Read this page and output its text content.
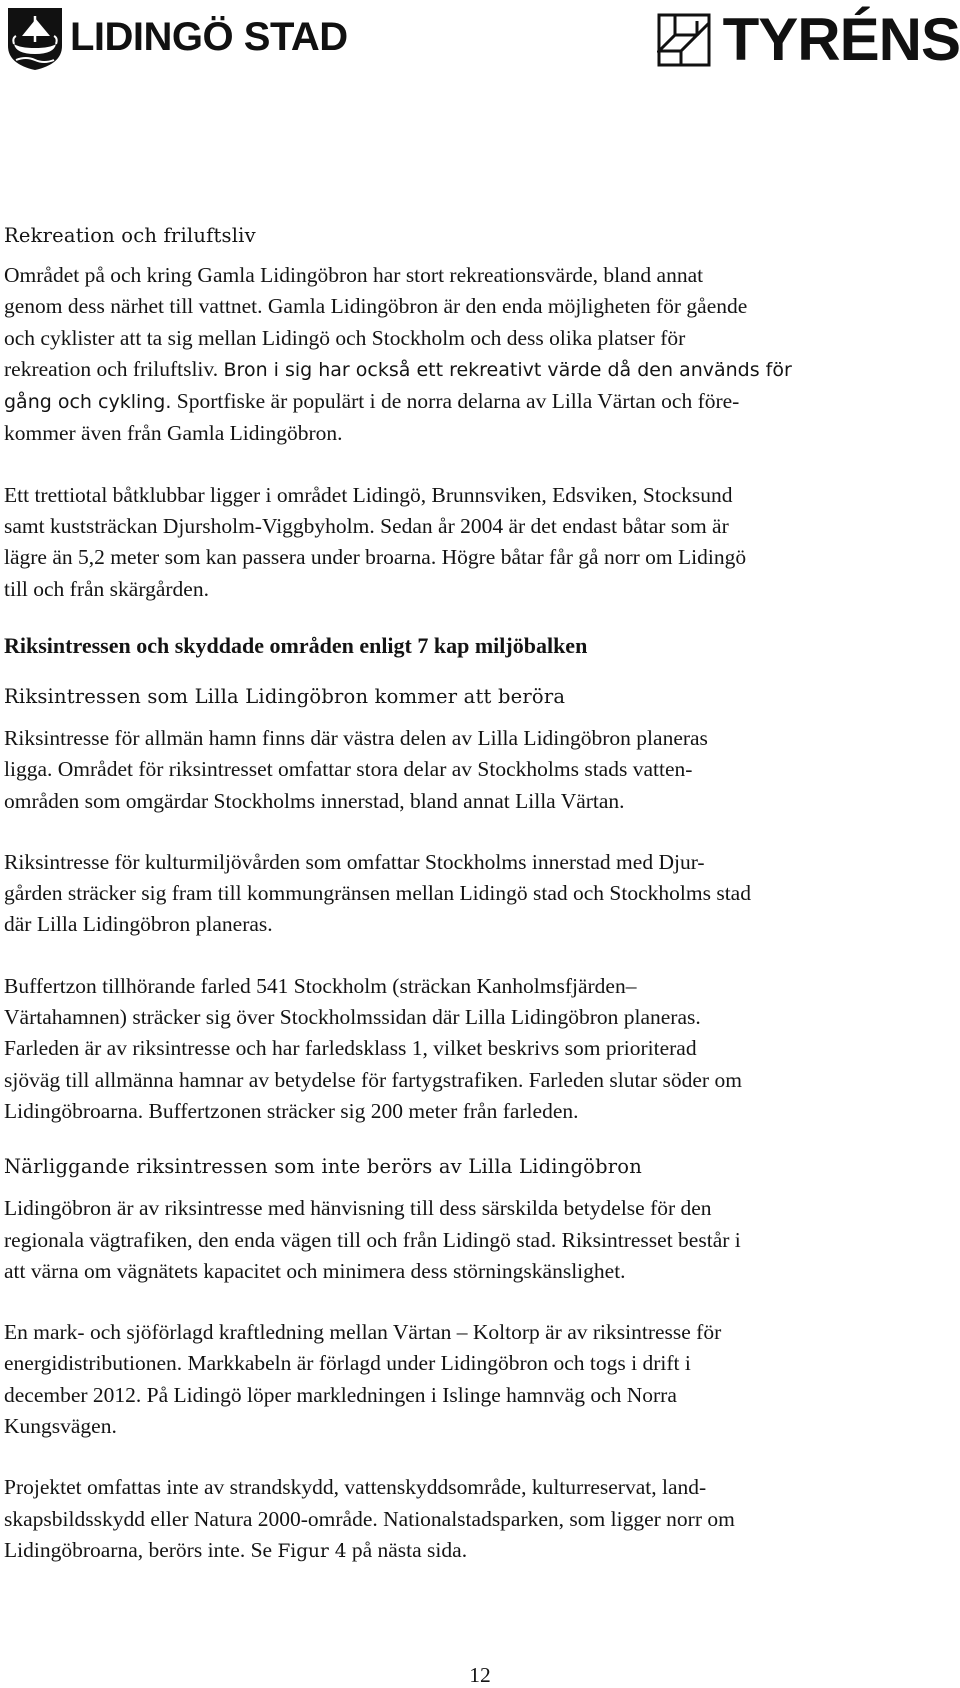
LIDINGÖ STAD	TYRÉNS

Rekreation och friluftsliv

Området på och kring Gamla Lidingöbron har stort rekreationsvärde, bland annat
genom dess närhet till vattnet. Gamla Lidingöbron är den enda möjligheten för gående
och cyklister att ta sig mellan Lidingö och Stockholm och dess olika platser för
rekreation och friluftsliv. Bron i sig har också ett rekreativt värde då den används för
gång och cykling. Sportfiske är populärt i de norra delarna av Lilla Värtan och före-
kommer även från Gamla Lidingöbron.

Ett trettiotal båtklubbar ligger i området Lidingö, Brunnsviken, Edsviken, Stocksund
samt kuststräckan Djursholm-Viggbyholm. Sedan år 2004 är det endast båtar som är
lägre än 5,2 meter som kan passera under broarna. Högre båtar får gå norr om Lidingö
till och från skärgården.

Riksintressen och skyddade områden enligt 7 kap miljöbalken

Riksintressen som Lilla Lidingöbron kommer att beröra

Riksintresse för allmän hamn finns där västra delen av Lilla Lidingöbron planeras
ligga. Området för riksintresset omfattar stora delar av Stockholms stads vatten-
områden som omgärdar Stockholms innerstad, bland annat Lilla Värtan.

Riksintresse för kulturmiljövården som omfattar Stockholms innerstad med Djur-
gården sträcker sig fram till kommungränsen mellan Lidingö stad och Stockholms stad
där Lilla Lidingöbron planeras.

Buffertzon tillhörande farled 541 Stockholm (sträckan Kanholmsfjärden–
Värtahamnen) sträcker sig över Stockholmssidan där Lilla Lidingöbron planeras.
Farleden är av riksintresse och har farledsklass 1, vilket beskrivs som prioriterad
sjöväg till allmänna hamnar av betydelse för fartygstrafiken. Farleden slutar söder om
Lidingöbroarna. Buffertzonen sträcker sig 200 meter från farleden.

Närliggande riksintressen som inte berörs av Lilla Lidingöbron

Lidingöbron är av riksintresse med hänvisning till dess särskilda betydelse för den
regionala vägtrafiken, den enda vägen till och från Lidingö stad. Riksintresset består i
att värna om vägnätets kapacitet och minimera dess störningskänslighet.

En mark- och sjöförlagd kraftledning mellan Värtan – Koltorp är av riksintresse för
energidistributionen. Markkabeln är förlagd under Lidingöbron och togs i drift i
december 2012. På Lidingö löper markledningen i Islinge hamnväg och Norra
Kungsvägen.

Projektet omfattas inte av strandskydd, vattenskyddsområde, kulturreservat, land-
skapsbildsskydd eller Natura 2000-område. Nationalstadsparken, som ligger norr om
Lidingöbroarna, berörs inte. Se Figur 4 på nästa sida.

12
